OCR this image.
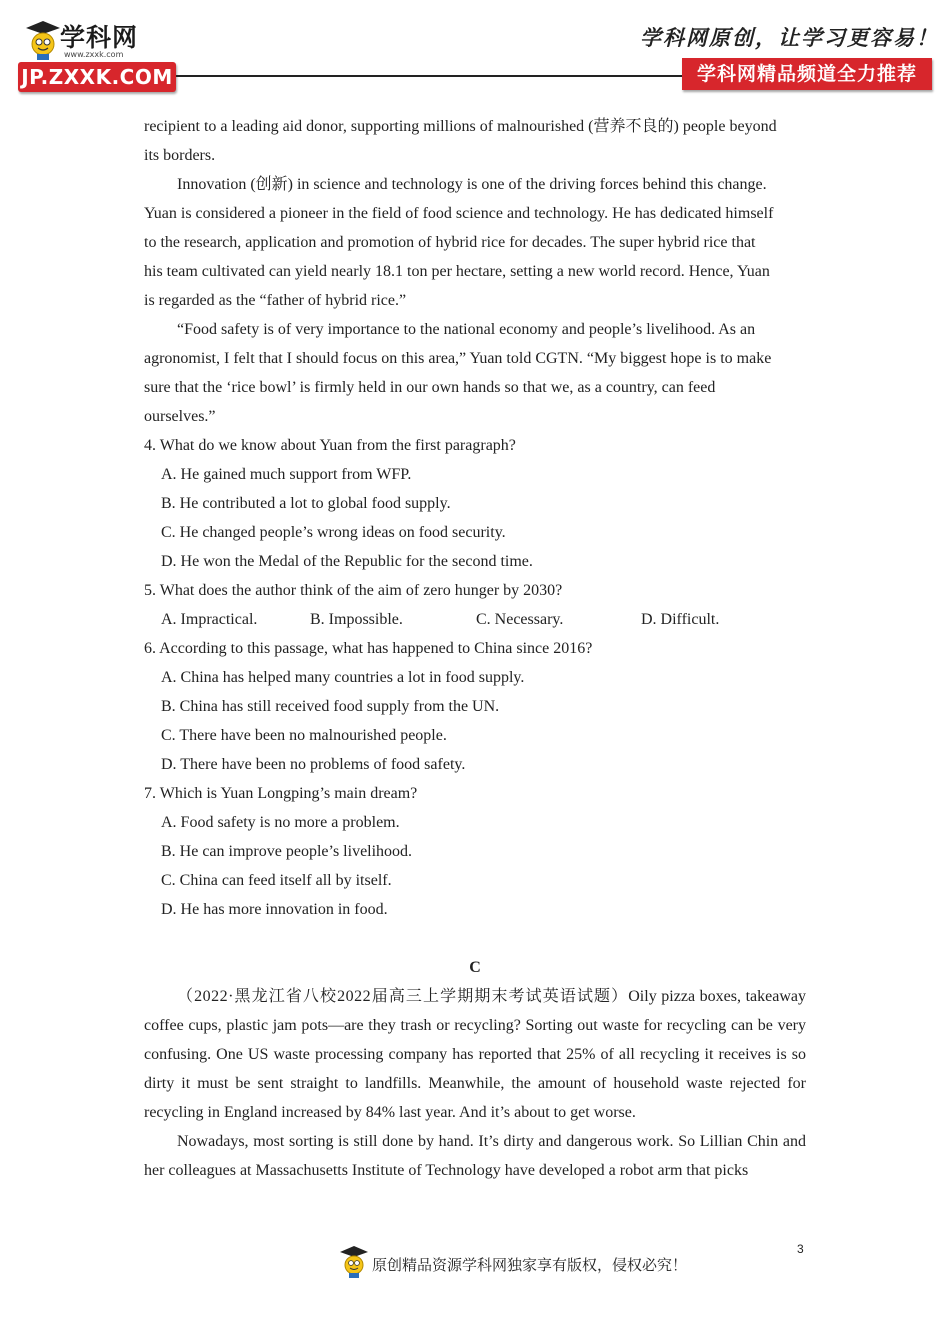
学科网
www.zxxk.com
JP.ZXXK.COM
学科网原创，让学习更容易！
学科网精品频道全力推荐

recipient to a leading aid donor, supporting millions of malnourished (营养不良的) people beyond

its borders.

Innovation (创新) in science and technology is one of the driving forces behind this change.

Yuan is considered a pioneer in the field of food science and technology. He has dedicated himself

to the research, application and promotion of hybrid rice for decades. The super hybrid rice that

his team cultivated can yield nearly 18.1 ton per hectare, setting a new world record. Hence, Yuan

is regarded as the “father of hybrid rice.”

“Food safety is of very importance to the national economy and people’s livelihood. As an

agronomist, I felt that I should focus on this area,” Yuan told CGTN. “My biggest hope is to make

sure that the ‘rice bowl’ is firmly held in our own hands so that we, as a country, can feed

ourselves.”

4. What do we know about Yuan from the first paragraph?

A. He gained much support from WFP.

B. He contributed a lot to global food supply.

C. He changed people’s wrong ideas on food security.

D. He won the Medal of the Republic for the second time.

5. What does the author think of the aim of zero hunger by 2030?

A. Impractical.	B. Impossible.	C. Necessary.	D. Difficult.

6. According to this passage, what has happened to China since 2016?

A. China has helped many countries a lot in food supply.

B. China has still received food supply from the UN.

C. There have been no malnourished people.

D. There have been no problems of food safety.

7. Which is Yuan Longping’s main dream?

A. Food safety is no more a problem.

B. He can improve people’s livelihood.

C. China can feed itself all by itself.

D. He has more innovation in food.

C

（2022·黑龙江省八校2022届高三上学期期末考试英语试题）Oily pizza boxes, takeaway coffee cups, plastic jam pots—are they trash or recycling? Sorting out waste for recycling can be very confusing. One US waste processing company has reported that 25% of all recycling it receives is so dirty it must be sent straight to landfills. Meanwhile, the amount of household waste rejected for recycling in England increased by 84% last year. And it’s about to get worse.

Nowadays, most sorting is still done by hand. It’s dirty and dangerous work. So Lillian Chin and her colleagues at Massachusetts Institute of Technology have developed a robot arm that picks

3
原创精品资源学科网独家享有版权，侵权必究！
